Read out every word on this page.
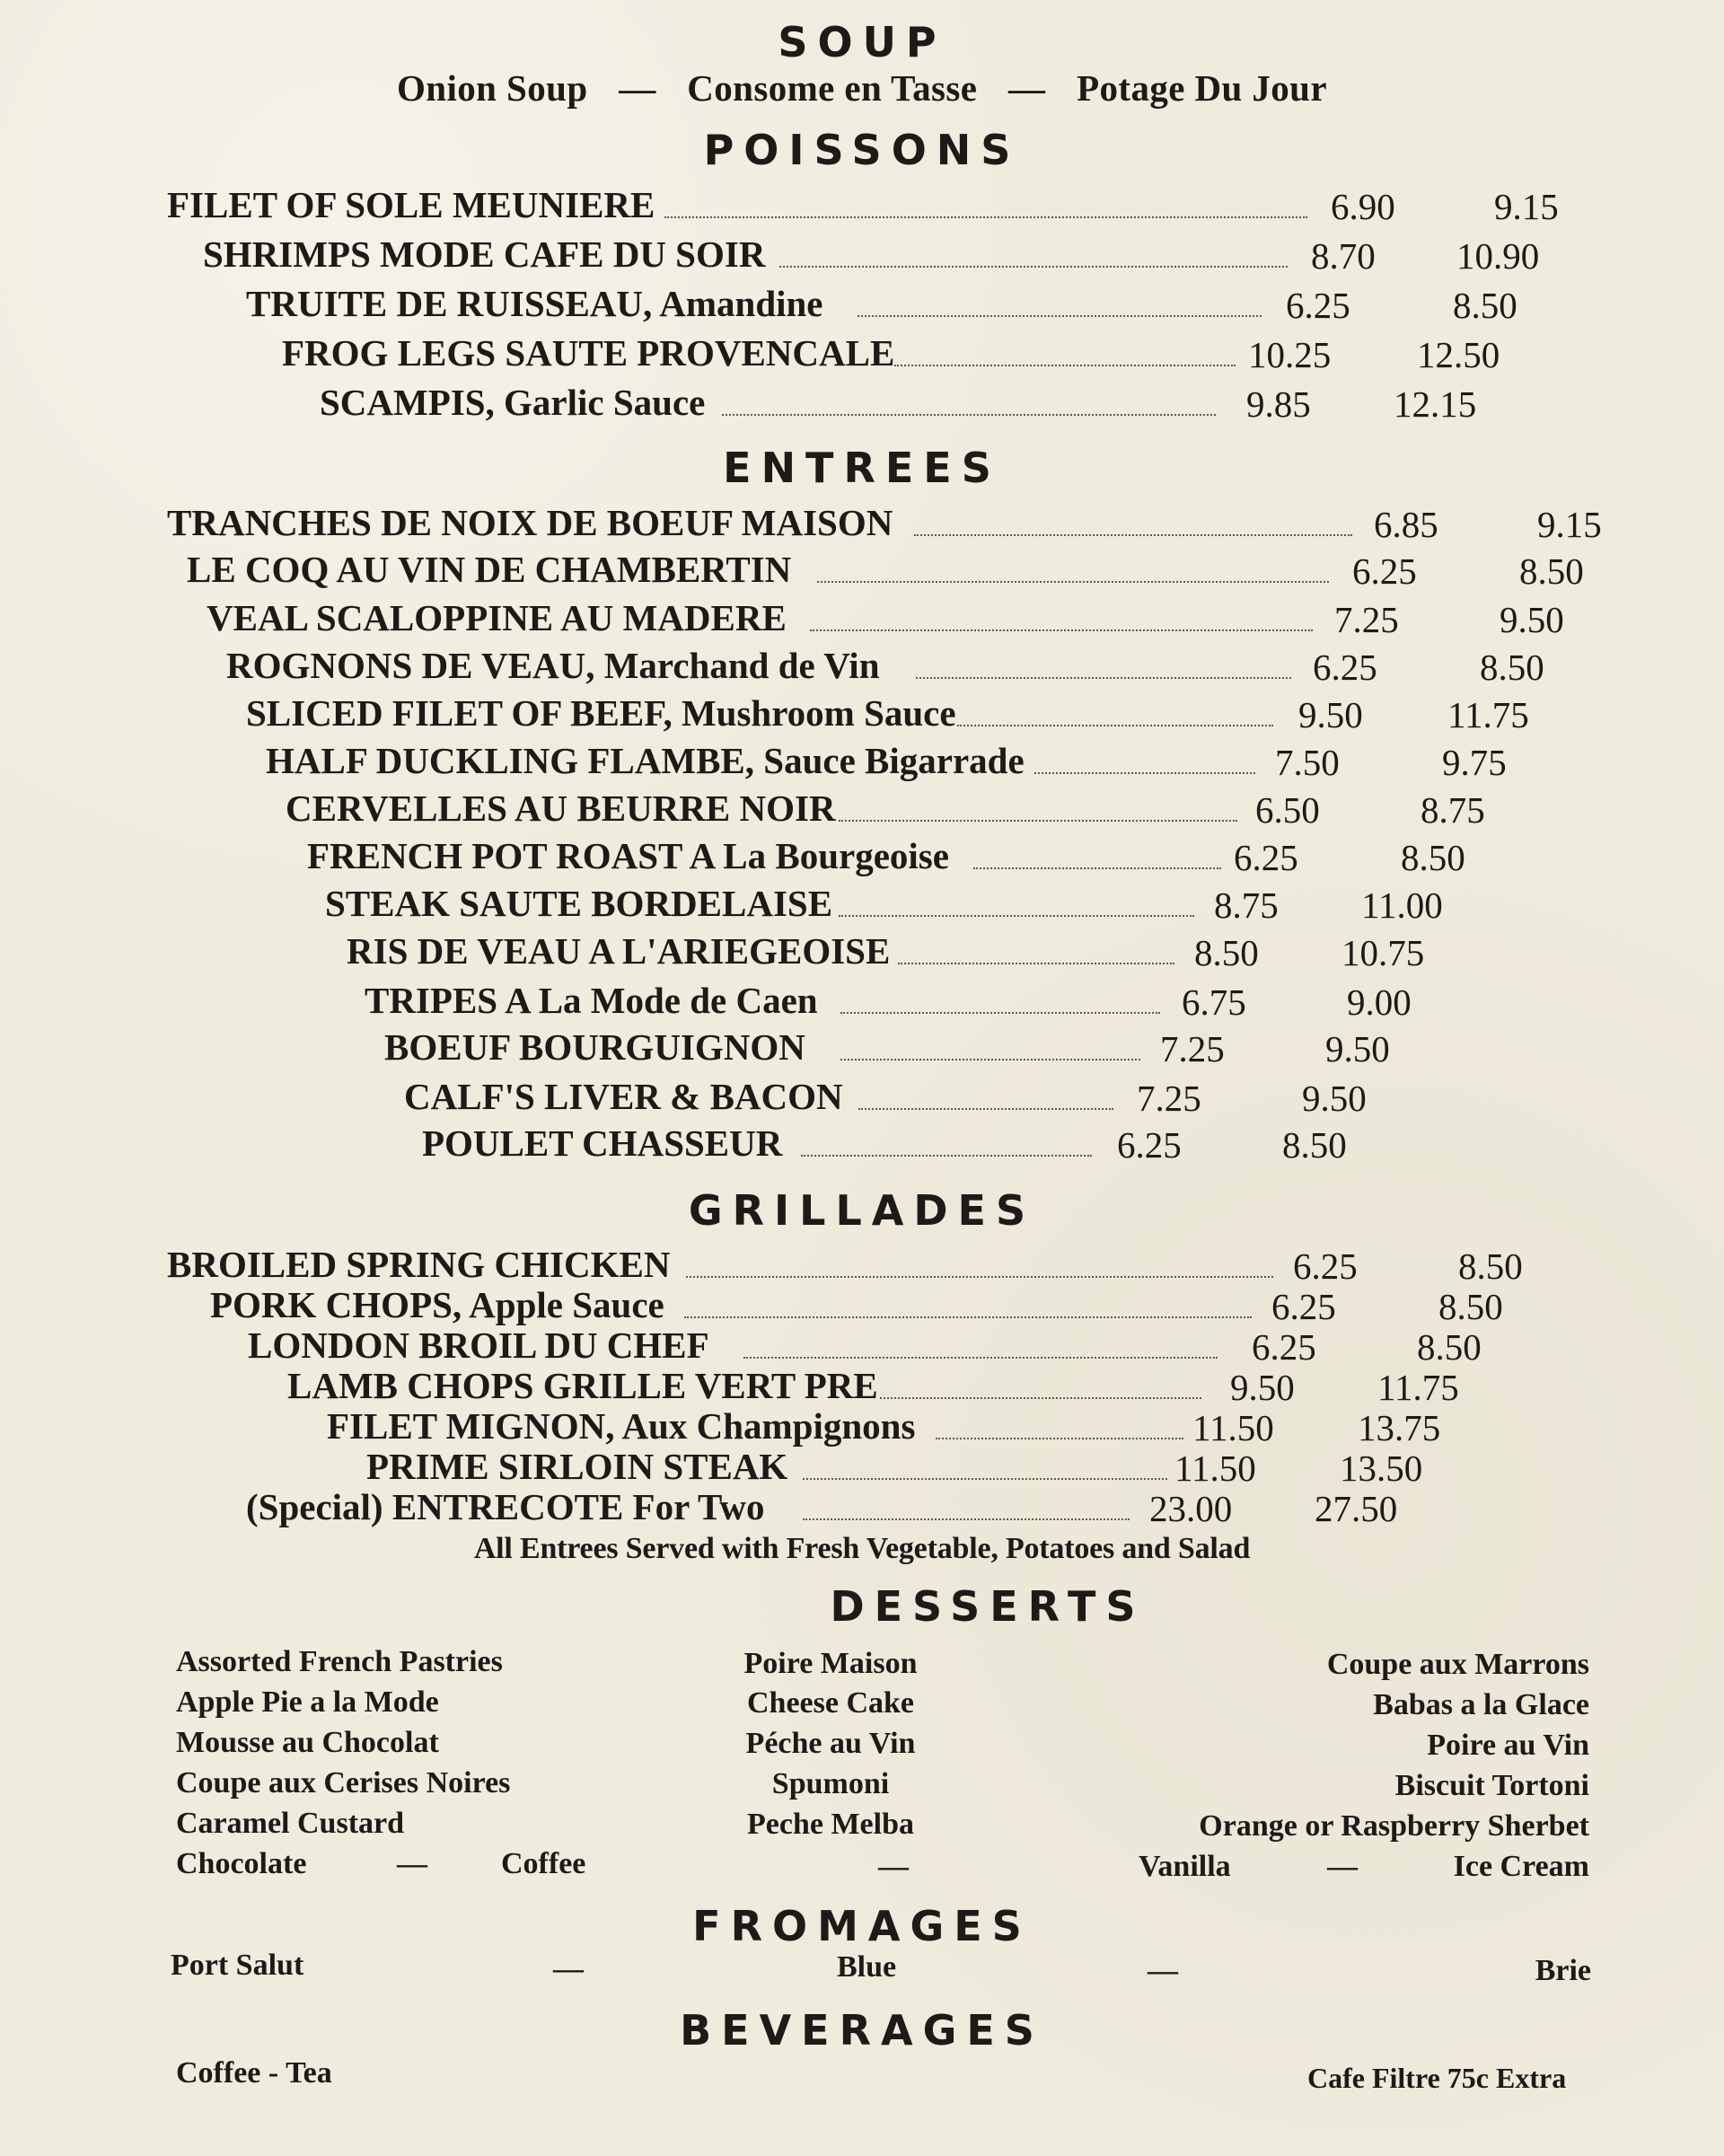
SOUP
Onion Soup — Consome en Tasse — Potage Du Jour
POISSONS
FILET OF SOLE MEUNIERE	6.90	9.15
SHRIMPS MODE CAFE DU SOIR	8.70 10.90
TRUITE DE RUISSEAU, Amandine	6.25	8.50
FROG LEGS SAUTE PROVENCALE	10.25 12.50
SCAMPIS, Garlic Sauce	9.85 12.15
ENTREES
TRANCHES DE NOIX DE BOEUF MAISON	6.85	9.15
LE COQ AU VIN DE CHAMBERTIN	6.25	8.50
VEAL SCALOPPINE AU MADERE	7.25	9.50
ROGNONS DE VEAU, Marchand de Vin	6.25	8.50
SLICED FILET OF BEEF, Mushroom Sauce	9.50 11.75
HALF DUCKLING FLAMBE, Sauce Bigarrade	7.50	9.75
CERVELLES AU BEURRE NOIR	6.50	8.75
FRENCH POT ROAST A La Bourgeoise	6.25	8.50
STEAK SAUTE BORDELAISE	8.75 11.00
RIS DE VEAU A L'ARIEGEOISE	8.50 10.75
TRIPES A La Mode de Caen	6.75	9.00
BOEUF BOURGUIGNON	7.25	9.50
CALF'S LIVER & BACON	7.25	9.50
POULET CHASSEUR	6.25	8.50
GRILLADES
BROILED SPRING CHICKEN	6.25	8.50
PORK CHOPS, Apple Sauce	6.25	8.50
LONDON BROIL DU CHEF	6.25	8.50
LAMB CHOPS GRILLE VERT PRE	9.50 11.75
FILET MIGNON, Aux Champignons	11.50 13.75
PRIME SIRLOIN STEAK	11.50 13.50
(Special) ENTRECOTE For Two	23.00 27.50
All Entrees Served with Fresh Vegetable, Potatoes and Salad
DESSERTS
Assorted French Pastries
Apple Pie a la Mode
Mousse au Chocolat
Coupe aux Cerises Noires
Caramel Custard
Poire Maison
Cheese Cake
Péche au Vin
Spumoni
Peche Melba
Coupe aux Marrons
Babas a la Glace
Poire au Vin
Biscuit Tortoni
Orange or Raspberry Sherbet
Chocolate	— Coffee	—	Vanilla	—	Ice Cream
FROMAGES
Port Salut	—	Blue	—	Brie
BEVERAGES
Coffee - Tea	Cafe Filtre 75c Extra
